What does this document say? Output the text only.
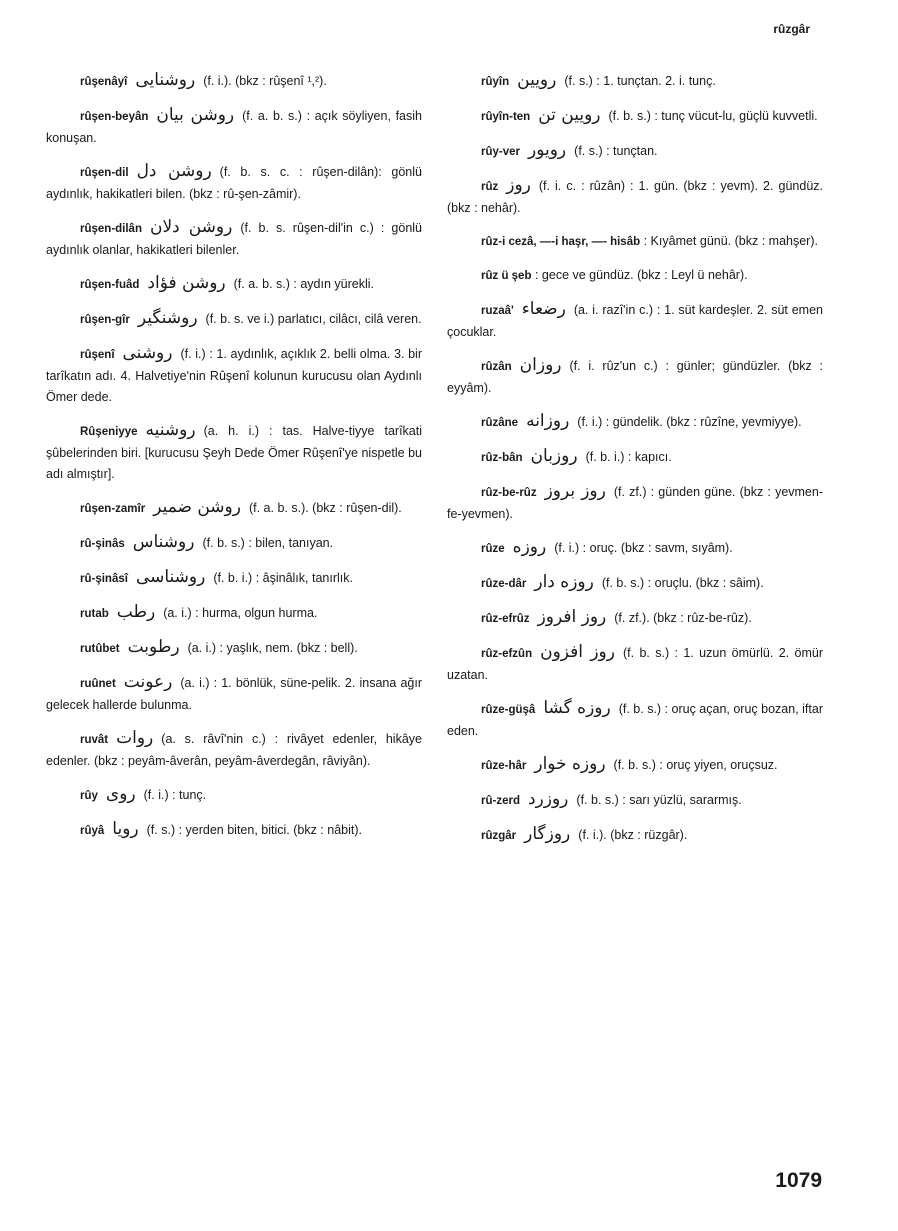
rûzgâr

rûşenâyî روشنايى (f. i.). (bkz : rûşenî ¹,²).

rûşen-beyân روشن بيان (f. a. b. s.) : açık söyliyen, fasih konuşan.

rûşen-dil روشن دل (f. b. s. c. : rûşen-dilân): gönlü aydınlık, hakikatleri bilen. (bkz : rû-şen-zâmir).

rûşen-dilân روشن دلان (f. b. s. rûşen-dil'in c.) : gönlü aydınlık olanlar, hakikatleri bilenler.

rûşen-fuâd روشن فؤاد (f. a. b. s.) : aydın yürekli.

rûşen-gîr روشنگير (f. b. s. ve i.) parlatıcı, cilâcı, cilâ veren.

rûşenî روشنى (f. i.) : 1. aydınlık, açıklık 2. belli olma. 3. bir tarîkatın adı. 4. Halvetiye'nin Rûşenî kolunun kurucusu olan Aydınlı Ömer dede.

Rûşeniyye روشنيه (a. h. i.) : tas. Halve-tiyye tarîkati şûbelerinden biri. [kurucusu Şeyh Dede Ömer Rûşenî'ye nispetle bu adı almıştır].

rûşen-zamîr روشن ضمير (f. a. b. s.). (bkz : rûşen-dil).

rû-şinâs روشناس (f. b. s.) : bilen, tanıyan.

rû-şinâsî روشناسى (f. b. i.) : âşinâlık, tanırlık.

rutab رطب (a. i.) : hurma, olgun hurma.

rutûbet رطوبت (a. i.) : yaşlık, nem. (bkz : bell).

ruûnet رعونت (a. i.) : 1. bönlük, süne-pelik. 2. insana ağır gelecek hallerde bulunma.

ruvât روات (a. s. râvî'nin c.) : rivâyet edenler, hikâye edenler. (bkz : peyâm-âverân, peyâm-âverdegân, râviyân).

rûy روى (f. i.) : tunç.

rûyâ رويا (f. s.) : yerden biten, bitici. (bkz : nâbit).

rûyîn رويين (f. s.) : 1. tunçtan. 2. i. tunç.

rûyîn-ten رويين تن (f. b. s.) : tunç vücut-lu, güçlü kuvvetli.

rûy-ver رويور (f. s.) : tunçtan.

rûz روز (f. i. c. : rûzân) : 1. gün. (bkz : yevm). 2. gündüz. (bkz : nehâr).

rûz-i cezâ, —-i haşr, —- hisâb : Kıyâmet günü. (bkz : mahşer).

rûz ü şeb : gece ve gündüz. (bkz : Leyl ü nehâr).

ruzaâ' رضعاء (a. i. razî'in c.) : 1. süt kardeşler. 2. süt emen çocuklar.

rûzân روزان (f. i. rûz'un c.) : günler; gündüzler. (bkz : eyyâm).

rûzâne روزانه (f. i.) : gündelik. (bkz : rûzîne, yevmiyye).

rûz-bân روزبان (f. b. i.) : kapıcı.

rûz-be-rûz روز بروز (f. zf.) : günden güne. (bkz : yevmen-fe-yevmen).

rûze روزه (f. i.) : oruç. (bkz : savm, sıyâm).

rûze-dâr روزه دار (f. b. s.) : oruçlu. (bkz : sâim).

rûz-efrûz روز افروز (f. zf.). (bkz : rûz-be-rûz).

rûz-efzûn روز افزون (f. b. s.) : 1. uzun ömürlü. 2. ömür uzatan.

rûze-güşâ روزه گشا (f. b. s.) : oruç açan, oruç bozan, iftar eden.

rûze-hâr روزه خوار (f. b. s.) : oruç yiyen, oruçsuz.

rû-zerd روزرد (f. b. s.) : sarı yüzlü, sararmış.

rûzgâr روزگار (f. i.). (bkz : rüzgâr).

1079
